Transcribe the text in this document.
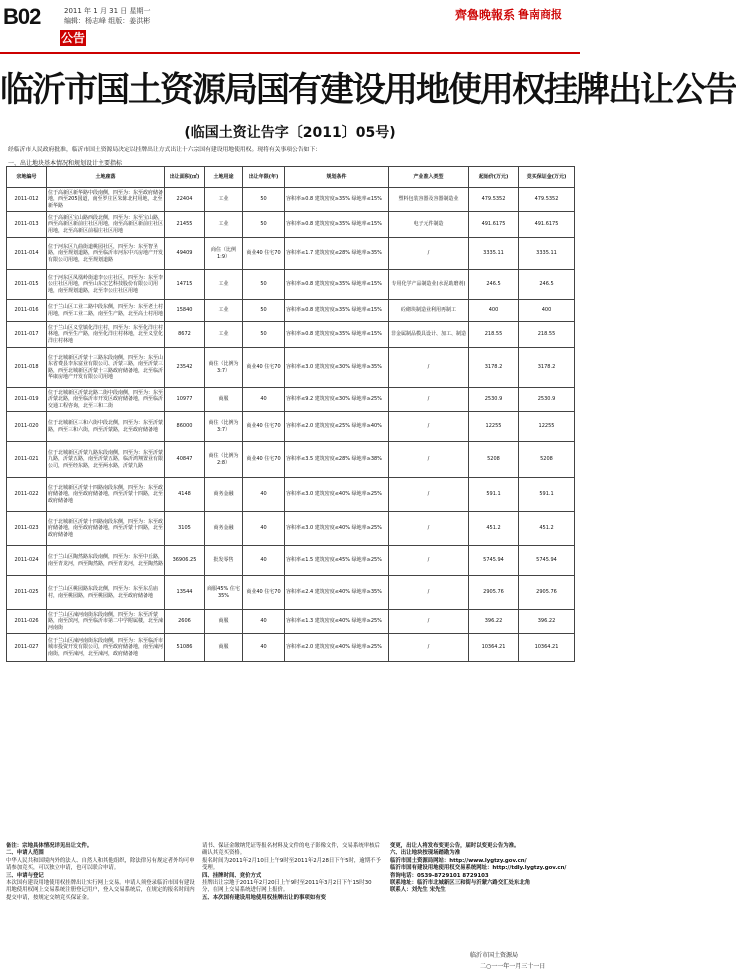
B02	2011 年 1 月 31 日 星期一
编辑：杨志峰 组版：姜洪彬
公告
齊魯晚報系 鲁南商报
临沂市国土资源局国有建设用地使用权挂牌出让公告
(临国土资让告字〔2011〕05号)
经临沂市人民政府批准，临沂市国土资源局决定以挂牌出让方式出让十六宗国有建设用地使用权。现将有关事项公告如下：
一、出让地块基本情况和规划设计主要指标
宗地编号	土地座落	出让面积(㎡)	土地用途	出让年限(年)	规划条件	产业准入类型	起始价(万元)	竞买保证金(万元)
2011-012	位于高新区新华路中段南侧，四至为：东至政府储备地，西至205国道，南至罗庄区朱陈北村用地，北至新华路	22404	工业	50	容积率≥0.8 建筑密度≥35% 绿地率≤15%	塑料包装容器及容器制造业	479.5352	479.5352
2011-013	位于高新区宝山路西段北侧，四至为：东至宝山路，西至高新区新前庄社区用地，南至高新区新前庄社区用地，北至高新区前福庄社区用地	21455	工业	50	容积率≥0.8 建筑密度≥35% 绿地率≤15%	电子元件制造	491.6175	491.6175
2011-014	位于河东区九曲街道桃园社区，四至为：东至智圣路，南至规划道路，西至临沂市河东中兴房地产开发有限公司用地，北至规划道路	49409	商住（比例1:9）	商业40 住宅70	容积率≤1.7 建筑密度≤28% 绿地率≥35%	/	3335.11	3335.11
2011-015	位于河东区凤凰岭街道李公庄社区，四至为：东至李公庄社区用地，西至山东宏艺科技股份有限公司用地，南至规划道路，北至李公庄社区用地	14715	工业	50	容积率≥0.8 建筑密度≥35% 绿地率≤15%	专用化学产品制造业(水泥助磨剂)	246.5	246.5
2011-016	位于兰山区工业二路中段东侧，四至为：东至老土村用地，西至工业二路，南至生产路，北至高士村用地	15840	工业	50	容积率≥0.8 建筑密度≥35% 绿地率≤15%	砼砌块制造业利用再制工	400	400
2011-017	位于兰山区义堂镇化洋庄村，四至为：东至化洋庄村林地，西至生产路，南至化洋庄村林地，北至义堂化洋庄村林地	8672	工业	50	容积率≥0.8 建筑密度≥35% 绿地率≤15%	非金属制品模具设计、加工、制造	218.55	218.55
2011-018	位于北城新区沂蒙十三路东段南侧，四至为：东至山东省费县李东富业有限公司、沂蒙三路，南至沂蒙三路，西至北城新区沂蒙十三路政府储备地，北至临沂华康房地产开发有限公司用地	23542	商住（比例为3:7）	商业40 住宅70	容积率≤3.0 建筑密度≤30% 绿地率≥35%	/	3178.2	3178.2
2011-019	位于北城新区沂蒙北路二街中段南侧，四至为：东至沂蒙北路，南至临沂市开发区政府储备地，西至临沂交通工程咨询，北至三和二街	10977	商服	40	容积率≤9.2 建筑密度≤30% 绿地率≥25%	/	2530.9	2530.9
2011-020	位于北城新区三和六街中段北侧，四至为：东至沂蒙路，西至三和六街，西至沂蒙路，北至政府储备地	86000	商住（比例为3:7）	商业40 住宅70	容积率≤2.0 建筑密度≤25% 绿地率≥40%	/	12255	12255
2011-021	位于北城新区沂蒙九路东段南侧，四至为：东至沂蒙九路，沂蒙五路，南至沂蒙五路，临沂鸿翔置业有限公司，西至经东路，北至两水路，沂蒙九路	40847	商住（比例为2:8）	商业40 住宅70	容积率≤3.5 建筑密度≤28% 绿地率≥38%	/	5208	5208
2011-022	位于北城新区沂蒙十四路南段东侧，四至为：东至政府储备地，南至政府储备地，西至沂蒙十四路，北至政府储备地	4148	商务金融	40	容积率≤3.0 建筑密度≤40% 绿地率≥25%	/	591.1	591.1
2011-023	位于北城新区沂蒙十四路南段东侧，四至为：东至政府储备地，南至政府储备地，西至沂蒙十四路，北至政府储备地	3105	商务金融	40	容积率≤3.0 建筑密度≤40% 绿地率≥25%	/	451.2	451.2
2011-024	位于兰山区陶然路东段南侧，四至为：东至中丘路，南至青龙河，西至陶然路，西至青龙河，北至陶然路	36906.25	批发零售	40	容积率≤1.5 建筑密度≤45% 绿地率≥25%	/	5745.94	5745.94
2011-025	位于兰山区桃园路东段北侧，四至为：东至东岳庙村，南至桃园路，西至桃园路，北至政府储备地	13544	商服45% 住宅35%	商业40 住宅70	容积率≤2.4 建筑密度≤40% 绿地率≥35%	/	2905.76	2905.76
2011-026	位于兰山区涑河南街东段南侧，四至为：东至沂蒙路，南至滨河，西至临沂市第二中学附属楼，北至涑河南街	2606	商服	40	容积率≤1.3 建筑密度≤40% 绿地率≥25%	/	396.22	396.22
2011-027	位于兰山区涑河南街东段南侧，四至为：东至临沂市城市投资开发有限公司，西至政府储备地，南至涑河南街，西至涑河，北至涑河，政府储备地	51086	商服	40	容积率≤2.0 建筑密度≤40% 绿地率≥25%	/	10364.21	10364.21
备注：宗地具体情况详见出让文件。
二、申请人范围
中华人民共和国境内外的法人、自然人和其他组织，除法律另有规定者外均可申请参加竞买，可以独立申请，也可以联合申请。
三、申请与登记
本次国有建设用地使用权挂牌出让实行网上交易。申请人须登录临沂市国有建设用地使用权网上交易系统注册登记用户，登入交易系统后，在规定的报名时间内提交申请，按规定交纳竞买保证金。
请书、保证金缴纳凭证等报名材料及文件的电子影像文件，交易系统审核后确认其竞买资格。
报名时间为2011年2月10日上午9时至2011年2月28日下午5时，逾期不予受理。
四、挂牌时间、竞价方式
挂牌出让宗地于2011年2月20日上午9时至2011年3月2日下午15时30分，在网上交易系统进行网上报价。
五、本次国有建设用地使用权挂牌出让的事项如有变
变更，出让人将发布变更公告，届时以变更公告为准。
六、出让地块按现场踏勘为准
临沂市国土资源局网站：http://www.lygtzy.gov.cn/
临沂市国有建设用地使用权交易系统网址：http://tdly.lygtzy.gov.cn/
咨询电话：0539-8729101 8729103
联系地址：临沂市北城新区三和街与沂蒙六路交汇处东北角
联系人：刘先生 宋先生
临沂市国土资源局
二○一一年一月三十一日
